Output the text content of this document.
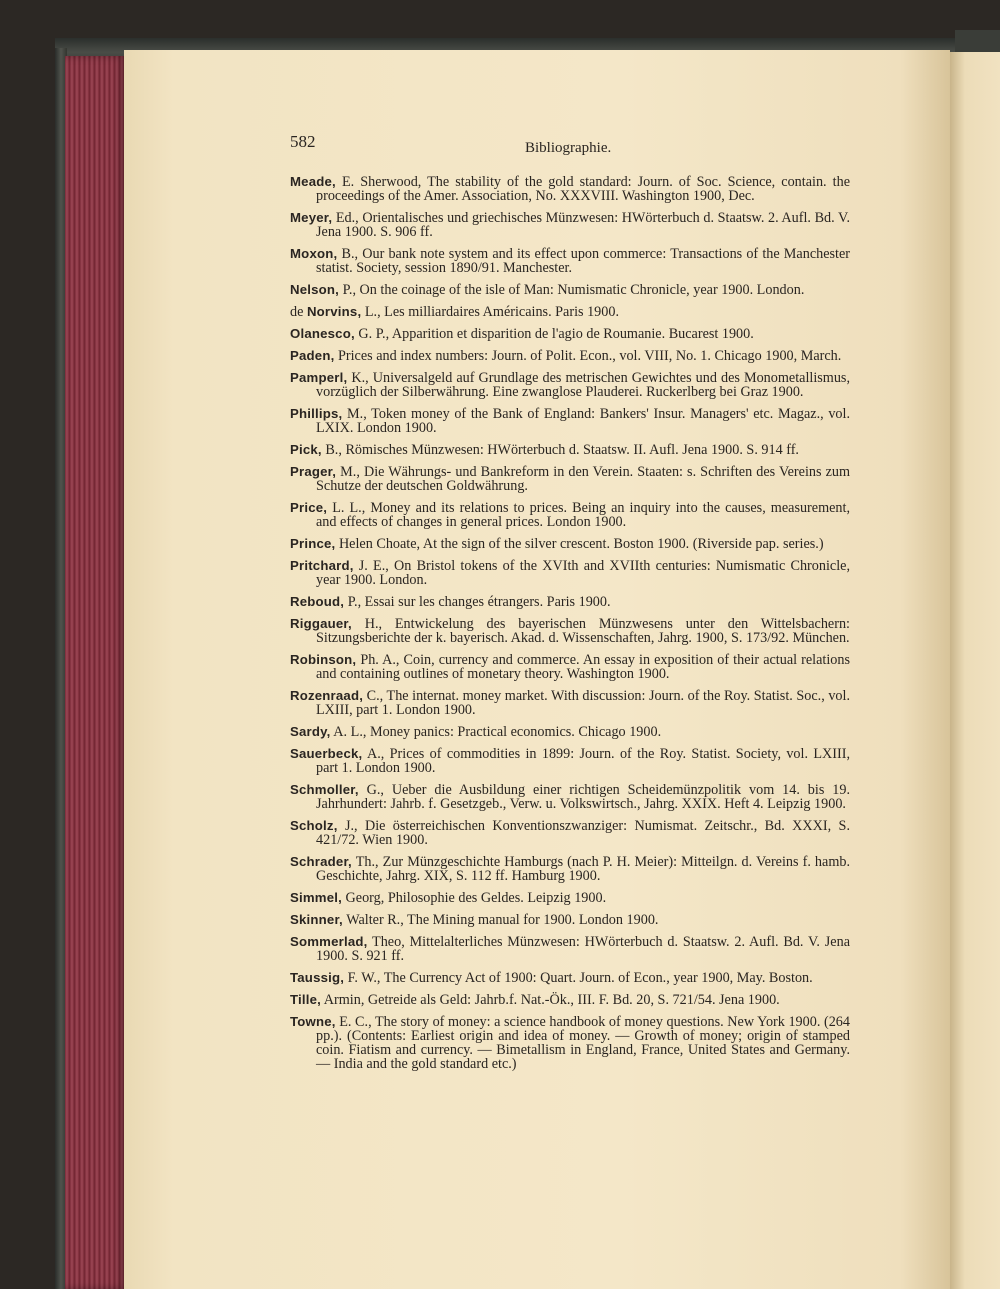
582	Bibliographie.

Meade, E. Sherwood, The stability of the gold standard: Journ. of Soc. Science, contain. the proceedings of the Amer. Association, No. XXXVIII. Washington 1900, Dec.

Meyer, Ed., Orientalisches und griechisches Münzwesen: HWörterbuch d. Staatsw. 2. Aufl. Bd. V. Jena 1900. S. 906 ff.

Moxon, B., Our bank note system and its effect upon commerce: Transactions of the Manchester statist. Society, session 1890/91. Manchester.

Nelson, P., On the coinage of the isle of Man: Numismatic Chronicle, year 1900. London.

de Norvins, L., Les milliardaires Américains. Paris 1900.

Olanesco, G. P., Apparition et disparition de l'agio de Roumanie. Bucarest 1900.

Paden, Prices and index numbers: Journ. of Polit. Econ., vol. VIII, No. 1. Chicago 1900, March.

Pamperl, K., Universalgeld auf Grundlage des metrischen Gewichtes und des Monometallismus, vorzüglich der Silberwährung. Eine zwanglose Plauderei. Ruckerlberg bei Graz 1900.

Phillips, M., Token money of the Bank of England: Bankers' Insur. Managers' etc. Magaz., vol. LXIX. London 1900.

Pick, B., Römisches Münzwesen: HWörterbuch d. Staatsw. II. Aufl. Jena 1900. S. 914 ff.

Prager, M., Die Währungs- und Bankreform in den Verein. Staaten: s. Schriften des Vereins zum Schutze der deutschen Goldwährung.

Price, L. L., Money and its relations to prices. Being an inquiry into the causes, measurement, and effects of changes in general prices. London 1900.

Prince, Helen Choate, At the sign of the silver crescent. Boston 1900. (Riverside pap. series.)

Pritchard, J. E., On Bristol tokens of the XVIth and XVIIth centuries: Numismatic Chronicle, year 1900. London.

Reboud, P., Essai sur les changes étrangers. Paris 1900.

Riggauer, H., Entwickelung des bayerischen Münzwesens unter den Wittelsbachern: Sitzungsberichte der k. bayerisch. Akad. d. Wissenschaften, Jahrg. 1900, S. 173/92. München.

Robinson, Ph. A., Coin, currency and commerce. An essay in exposition of their actual relations and containing outlines of monetary theory. Washington 1900.

Rozenraad, C., The internat. money market. With discussion: Journ. of the Roy. Statist. Soc., vol. LXIII, part 1. London 1900.

Sardy, A. L., Money panics: Practical economics. Chicago 1900.

Sauerbeck, A., Prices of commodities in 1899: Journ. of the Roy. Statist. Society, vol. LXIII, part 1. London 1900.

Schmoller, G., Ueber die Ausbildung einer richtigen Scheidemünzpolitik vom 14. bis 19. Jahrhundert: Jahrb. f. Gesetzgeb., Verw. u. Volkswirtsch., Jahrg. XXIX. Heft 4. Leipzig 1900.

Scholz, J., Die österreichischen Konventionszwanziger: Numismat. Zeitschr., Bd. XXXI, S. 421/72. Wien 1900.

Schrader, Th., Zur Münzgeschichte Hamburgs (nach P. H. Meier): Mitteilgn. d. Vereins f. hamb. Geschichte, Jahrg. XIX, S. 112 ff. Hamburg 1900.

Simmel, Georg, Philosophie des Geldes. Leipzig 1900.

Skinner, Walter R., The Mining manual for 1900. London 1900.

Sommerlad, Theo, Mittelalterliches Münzwesen: HWörterbuch d. Staatsw. 2. Aufl. Bd. V. Jena 1900. S. 921 ff.

Taussig, F. W., The Currency Act of 1900: Quart. Journ. of Econ., year 1900, May. Boston.

Tille, Armin, Getreide als Geld: Jahrb.f. Nat.-Ök., III. F. Bd. 20, S. 721/54. Jena 1900.

Towne, E. C., The story of money: a science handbook of money questions. New York 1900. (264 pp.). (Contents: Earliest origin and idea of money. — Growth of money; origin of stamped coin. Fiatism and currency. — Bimetallism in England, France, United States and Germany. — India and the gold standard etc.)
